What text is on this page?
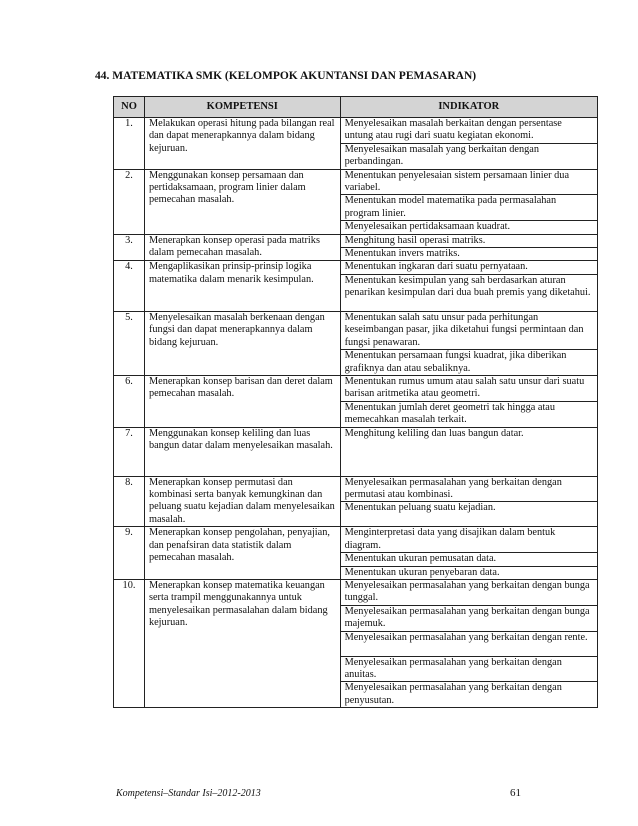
44. MATEMATIKA SMK (KELOMPOK AKUNTANSI DAN PEMASARAN)
NO	KOMPETENSI	INDIKATOR
1.	Melakukan operasi hitung pada bilangan real dan dapat menerapkannya dalam bidang kejuruan.	Menyelesaikan masalah berkaitan dengan persentase untung atau rugi dari suatu kegiatan ekonomi.
		Menyelesaikan masalah yang berkaitan dengan perbandingan.
2.	Menggunakan konsep persamaan dan pertidaksamaan, program linier dalam pemecahan masalah.	Menentukan penyelesaian sistem persamaan linier dua variabel.
		Menentukan model matematika pada permasalahan program linier.
		Menyelesaikan pertidaksamaan kuadrat.
3.	Menerapkan konsep operasi pada matriks dalam pemecahan masalah.	Menghitung hasil operasi matriks.
		Menentukan invers matriks.
4.	Mengaplikasikan prinsip-prinsip logika matematika dalam menarik kesimpulan.	Menentukan ingkaran dari suatu pernyataan.
		Menentukan kesimpulan yang sah berdasarkan aturan penarikan kesimpulan dari dua buah premis yang diketahui.
5.	Menyelesaikan masalah berkenaan dengan fungsi dan dapat menerapkannya dalam bidang kejuruan.	Menentukan salah satu unsur pada perhitungan keseimbangan pasar, jika diketahui fungsi permintaan dan fungsi penawaran.
		Menentukan persamaan fungsi kuadrat, jika diberikan grafiknya dan atau sebaliknya.
6.	Menerapkan konsep barisan dan deret dalam pemecahan masalah.	Menentukan rumus umum atau salah satu unsur dari suatu barisan aritmetika atau geometri.
		Menentukan jumlah deret geometri tak hingga atau memecahkan masalah terkait.
7.	Menggunakan konsep keliling dan luas bangun datar dalam menyelesaikan masalah.	Menghitung keliling dan luas bangun datar.
8.	Menerapkan konsep permutasi dan kombinasi serta banyak kemungkinan dan peluang suatu kejadian dalam menyelesaikan masalah.	Menyelesaikan permasalahan yang berkaitan dengan permutasi atau kombinasi.
		Menentukan peluang suatu kejadian.
9.	Menerapkan konsep pengolahan, penyajian, dan penafsiran data statistik dalam pemecahan masalah.	Menginterpretasi data yang disajikan dalam bentuk diagram.
		Menentukan ukuran pemusatan data.
		Menentukan ukuran penyebaran data.
10.	Menerapkan konsep matematika keuangan serta trampil menggunakannya untuk menyelesaikan permasalahan dalam bidang kejuruan.	Menyelesaikan permasalahan yang berkaitan dengan bunga tunggal.
		Menyelesaikan permasalahan yang berkaitan dengan bunga majemuk.
		Menyelesaikan permasalahan yang berkaitan dengan rente.
		Menyelesaikan permasalahan yang berkaitan dengan anuitas.
		Menyelesaikan permasalahan yang berkaitan dengan penyusutan.
Kompetensi–Standar Isi–2012-2013	61
